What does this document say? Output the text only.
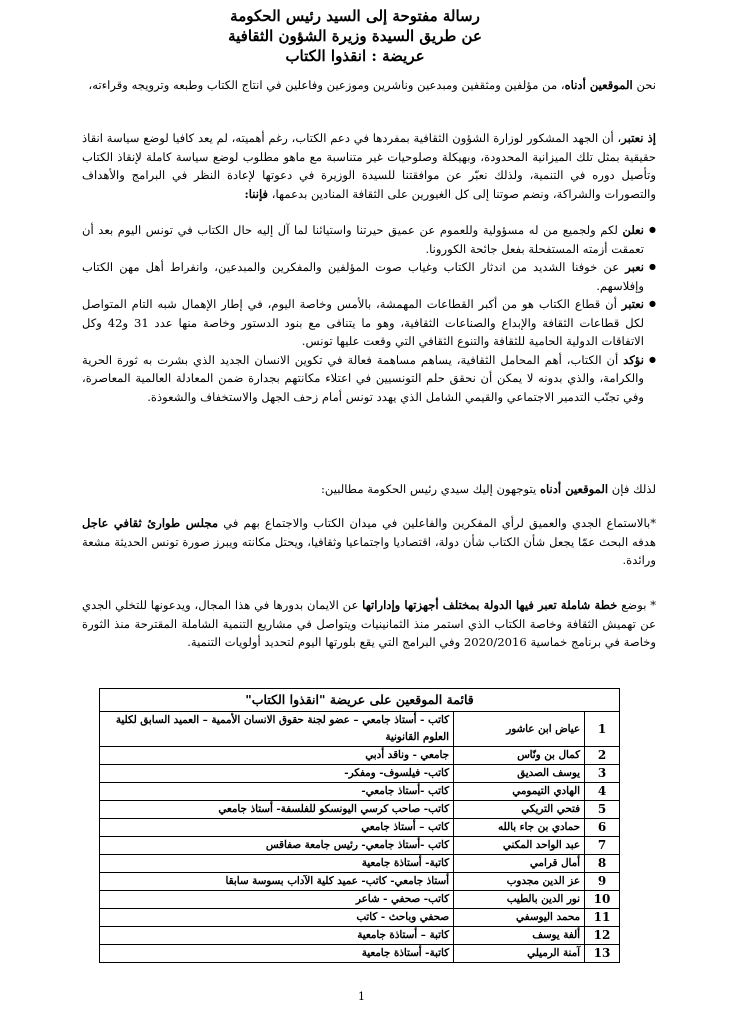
رسالة مفتوحة إلى السيد رئيس الحكومة
عن طريق السيدة وزيرة الشؤون الثقافية
عريضة : انقذوا الكتاب
نحن الموقعين أدناه، من مؤلفين ومثقفين ومبدعين وناشرين وموزعين وفاعلين في انتاج الكتاب وطبعه وترويجه وقراءته،
إذ نعتبر، أن الجهد المشكور لوزارة الشؤون الثقافية بمفردها في دعم الكتاب، رغم أهميته، لم يعد كافيا لوضع سياسة انقاذ حقيقية بمثل تلك الميزانية المحدودة، وبهيكلة وصلوحيات غير متناسبة مع ماهو مطلوب لوضع سياسة كاملة لإنقاذ الكتاب وتأصيل دوره في التنمية، ولذلك نعبّر عن موافقتنا للسيدة الوزيرة في دعوتها لإعادة النظر في البرامج والأهداف والتصورات والشراكة، ونضم صوتنا إلى كل الغيورين على الثقافة المنادين بدعمها، فإننا:
● نعلن لكم ولجميع من له مسؤولية وللعموم عن عميق حيرتنا واستيائنا لما آل إليه حال الكتاب في تونس اليوم بعد أن تعمقت أزمته المستفحلة بفعل جائحة الكورونا.
● نعبر عن خوفنا الشديد من اندثار الكتاب وغياب صوت المؤلفين والمفكرين والمبدعين، وانفراط أهل مهن الكتاب وإفلاسهم.
● نعتبر أن قطاع الكتاب هو من أكبر القطاعات المهمشة، بالأمس وخاصة اليوم، في إطار الإهمال شبه التام المتواصل لكل قطاعات الثقافة والإبداع والصناعات الثقافية، وهو ما يتنافى مع بنود الدستور وخاصة منها عدد 31 و42 وكل الاتفاقات الدولية الحامية للثقافة والتنوع الثقافي التي وقعت عليها تونس.
● نؤكد أن الكتاب، أهم المحامل الثقافية، يساهم مساهمة فعالة في تكوين الانسان الجديد الذي بشرت به ثورة الحرية والكرامة، والذي بدونه لا يمكن أن نحقق حلم التونسيين في اعتلاء مكانتهم بجدارة ضمن المعادلة العالمية المعاصرة، وفي تجنّب التدمير الاجتماعي والقيمي الشامل الذي يهدد تونس أمام زحف الجهل والاستخفاف والشعوذة.
لذلك فإن الموقعين أدناه يتوجهون إليك سيدي رئيس الحكومة مطالبين:
*بالاستماع الجدي والعميق لرأي المفكرين والفاعلين في ميدان الكتاب والاجتماع بهم في مجلس طوارئ ثقافي عاجل هدفه البحث عمّا يجعل شأن الكتاب شأن دولة، اقتصاديا واجتماعيا وثقافيا، ويحتل مكانته ويبرز صورة تونس الحديثة مشعة ورائدة.
* بوضع خطة شاملة تعبر فيها الدولة بمختلف أجهزتها وإداراتها عن الايمان بدورها في هذا المجال، ويدعونها للتخلي الجدي عن تهميش الثقافة وخاصة الكتاب الذي استمر منذ الثمانينيات ويتواصل في مشاريع التنمية الشاملة المقترحة منذ الثورة وخاصة في برنامج خماسية 2020/2016 وفي البرامج التي يقع بلورتها اليوم لتحديد أولويات التنمية.
قائمة الموقعين على عريضة "انقذوا الكتاب"		
1	عياض ابن عاشور	كاتب - أستاذ جامعي – عضو لجنة حقوق الانسان الأممية – العميد السابق لكلية العلوم القانونية
2	كمال بن ونّاس	جامعي - وناقد أدبي
3	يوسف الصديق	كاتب- فيلسوف- ومفكر-
4	الهادي التيمومي	كاتب -أستاذ جامعي-
5	فتحي التريكي	كاتب- صاحب كرسي اليونسكو للفلسفة- أستاذ جامعي
6	حمادي بن جاء بالله	كاتب – أستاذ جامعي
7	عبد الواحد المكني	كاتب -أستاذ جامعي- رئيس جامعة صفاقس
8	أمال قرامي	كاتبة- أستاذة جامعية
9	عز الدين مجدوب	أستاذ جامعي- كاتب- عميد كلية الآداب بسوسة سابقا
10	نور الدين بالطيب	كاتب- صحفي - شاعر
11	محمد اليوسفي	صحفي وباحث - كاتب
12	ألفة يوسف	كاتبة – أستاذة جامعية
13	آمنة الرميلي	كاتبة- أستاذة جامعية
1
